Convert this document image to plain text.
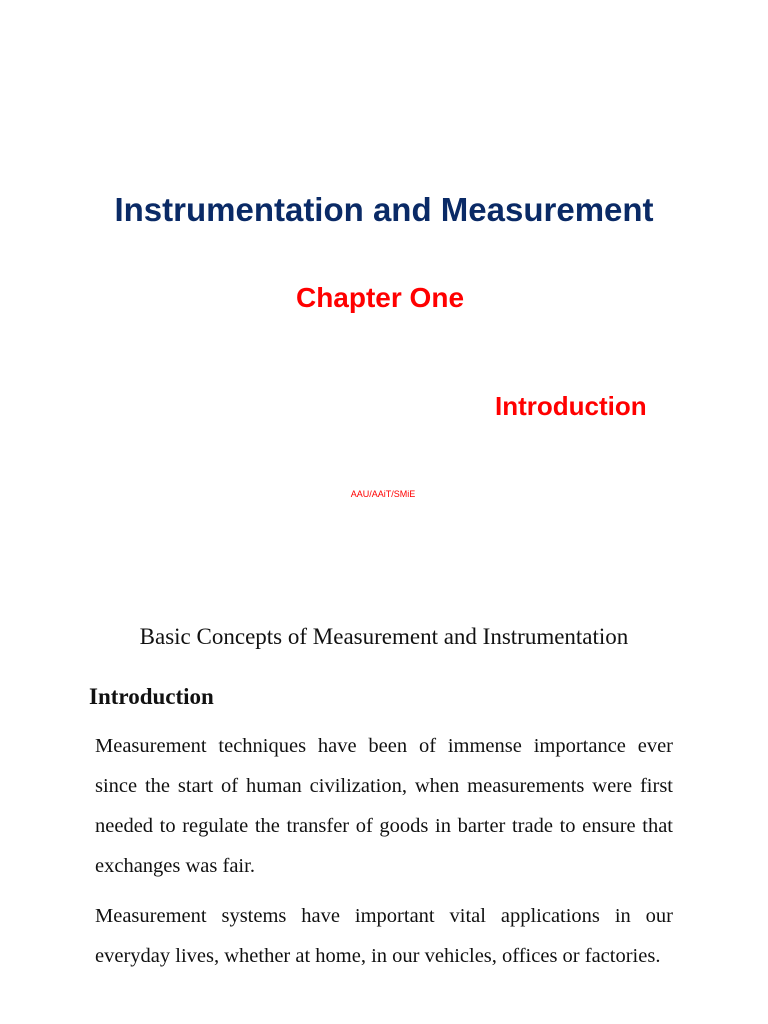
Instrumentation and Measurement
Chapter One
Introduction
AAU/AAiT/SMiE
Basic Concepts of Measurement and Instrumentation
Introduction

Measurement techniques have been of immense importance ever since the start of human civilization, when measurements were first needed to regulate the transfer of goods in barter trade to ensure that exchanges was fair.

Measurement systems have important vital applications in our everyday lives, whether at home, in our vehicles, offices or factories.
